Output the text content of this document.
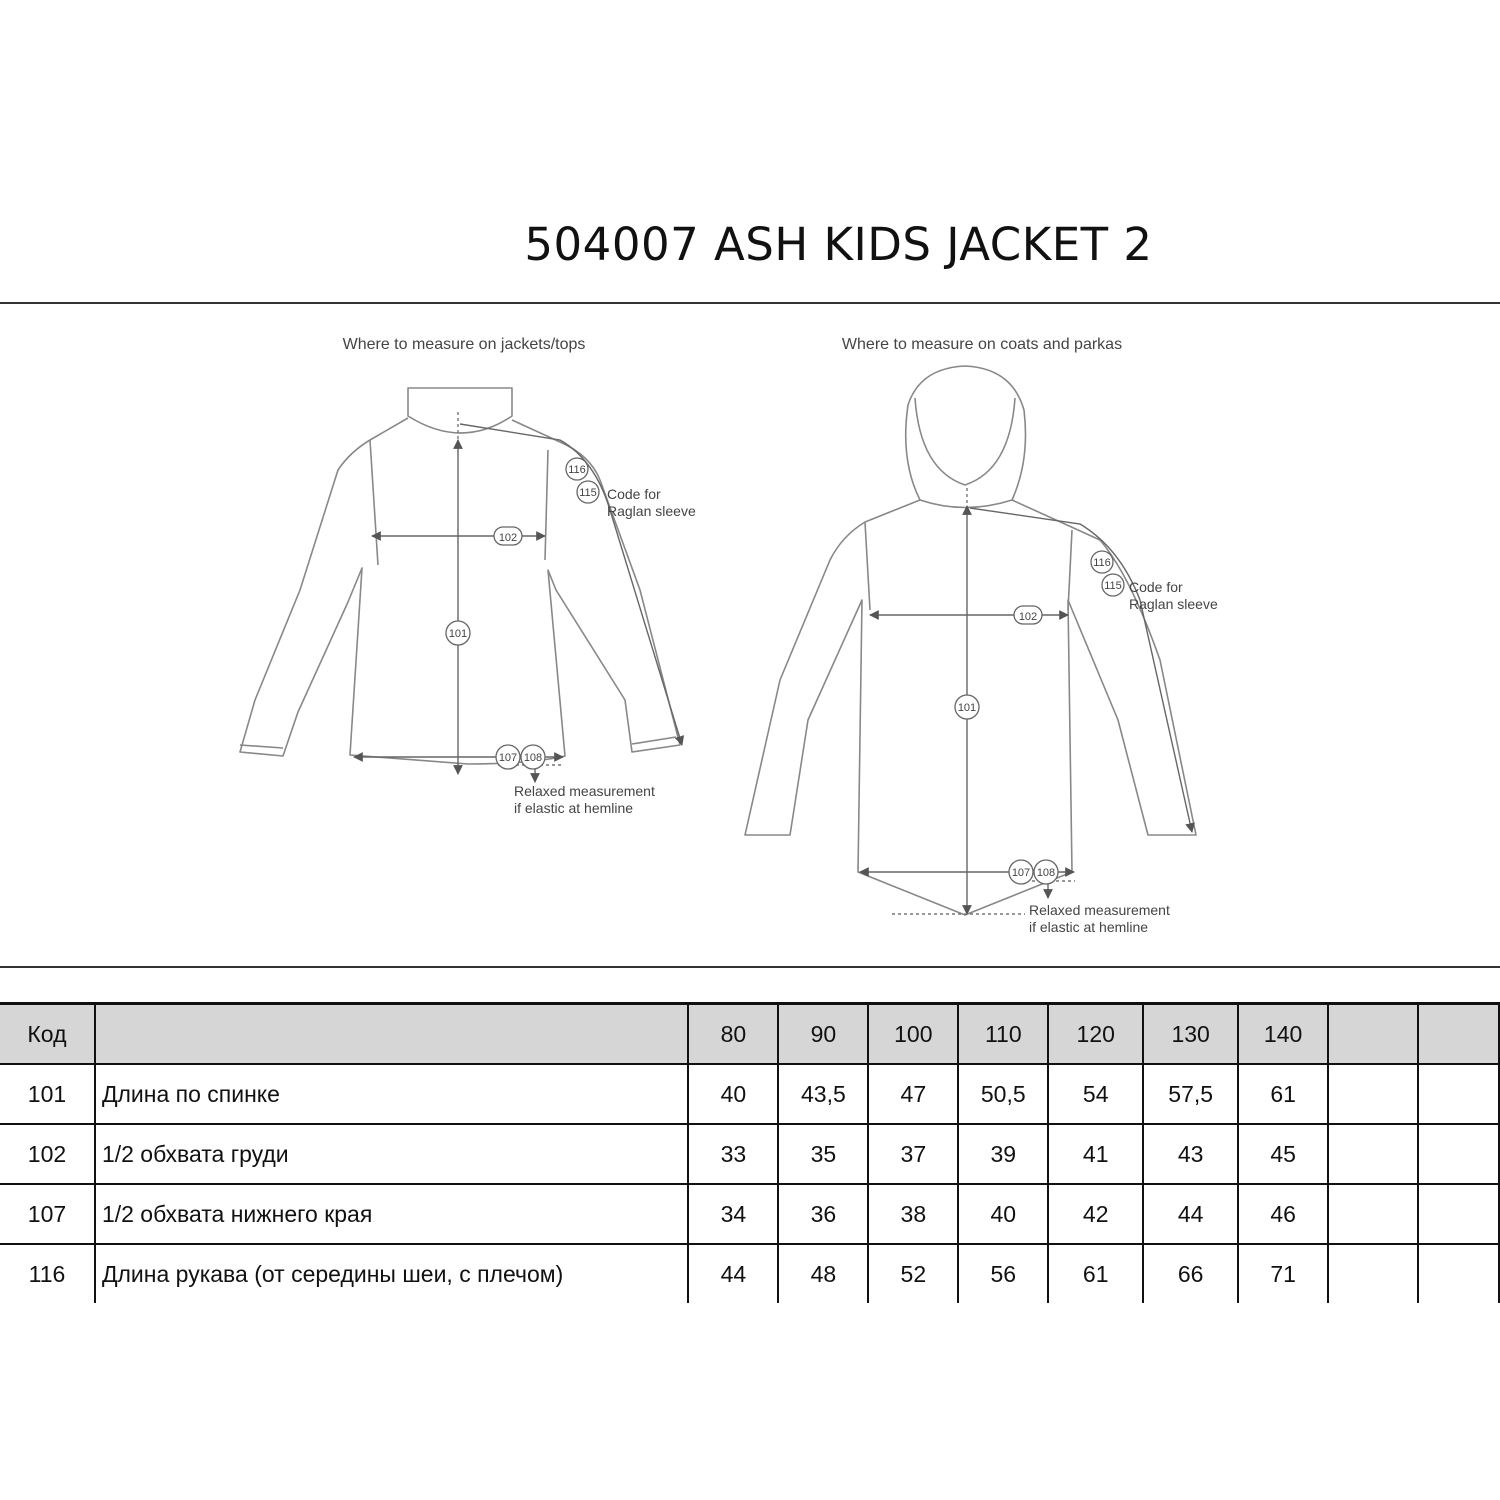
504007 ASH KIDS JACKET 2
Where to measure on jackets/tops
116
115 Code for
Raglan sleeve
102
101
107 108
Relaxed measurement
if elastic at hemline
Where to measure on coats and parkas
116
115 Code for
Raglan sleeve
102
101
107 108
Relaxed measurement
if elastic at hemline
Код		80	90	100	110	120	130	140		
101	Длина по спинке	40	43,5	47	50,5	54	57,5	61		
102	1/2 обхвата груди	33	35	37	39	41	43	45		
107	1/2 обхвата нижнего края	34	36	38	40	42	44	46		
116	Длина рукава (от середины шеи, с плечом)	44	48	52	56	61	66	71		
